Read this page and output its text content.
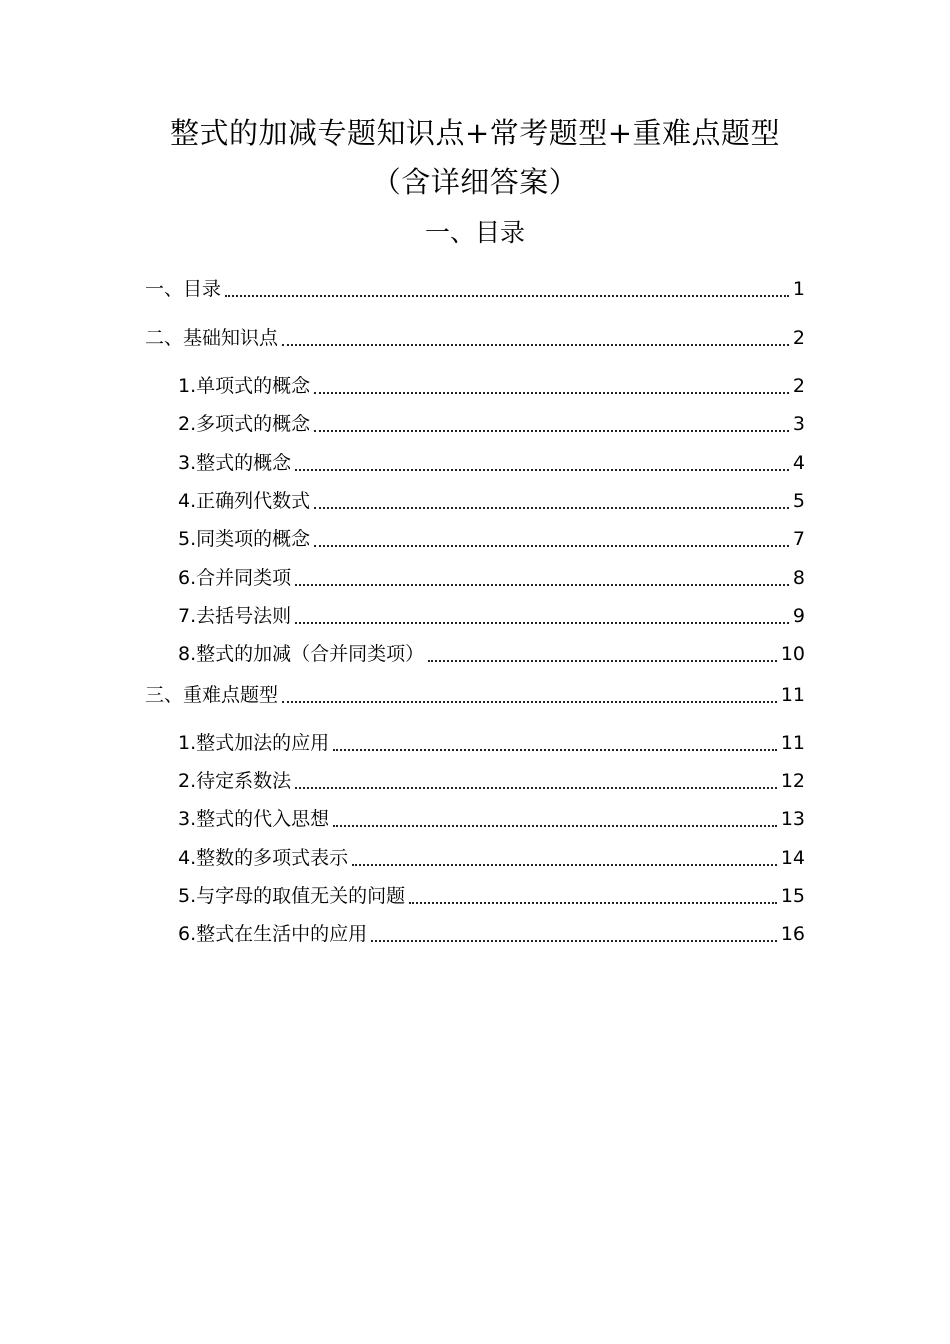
整式的加减专题知识点+常考题型+重难点题型
（含详细答案）
一、目录
一、目录	1
二、基础知识点	2
1.单项式的概念	2
2.多项式的概念	3
3.整式的概念	4
4.正确列代数式	5
5.同类项的概念	7
6.合并同类项	8
7.去括号法则	9
8.整式的加减（合并同类项）	10
三、重难点题型	11
1.整式加法的应用	11
2.待定系数法	12
3.整式的代入思想	13
4.整数的多项式表示	14
5.与字母的取值无关的问题	15
6.整式在生活中的应用	16
